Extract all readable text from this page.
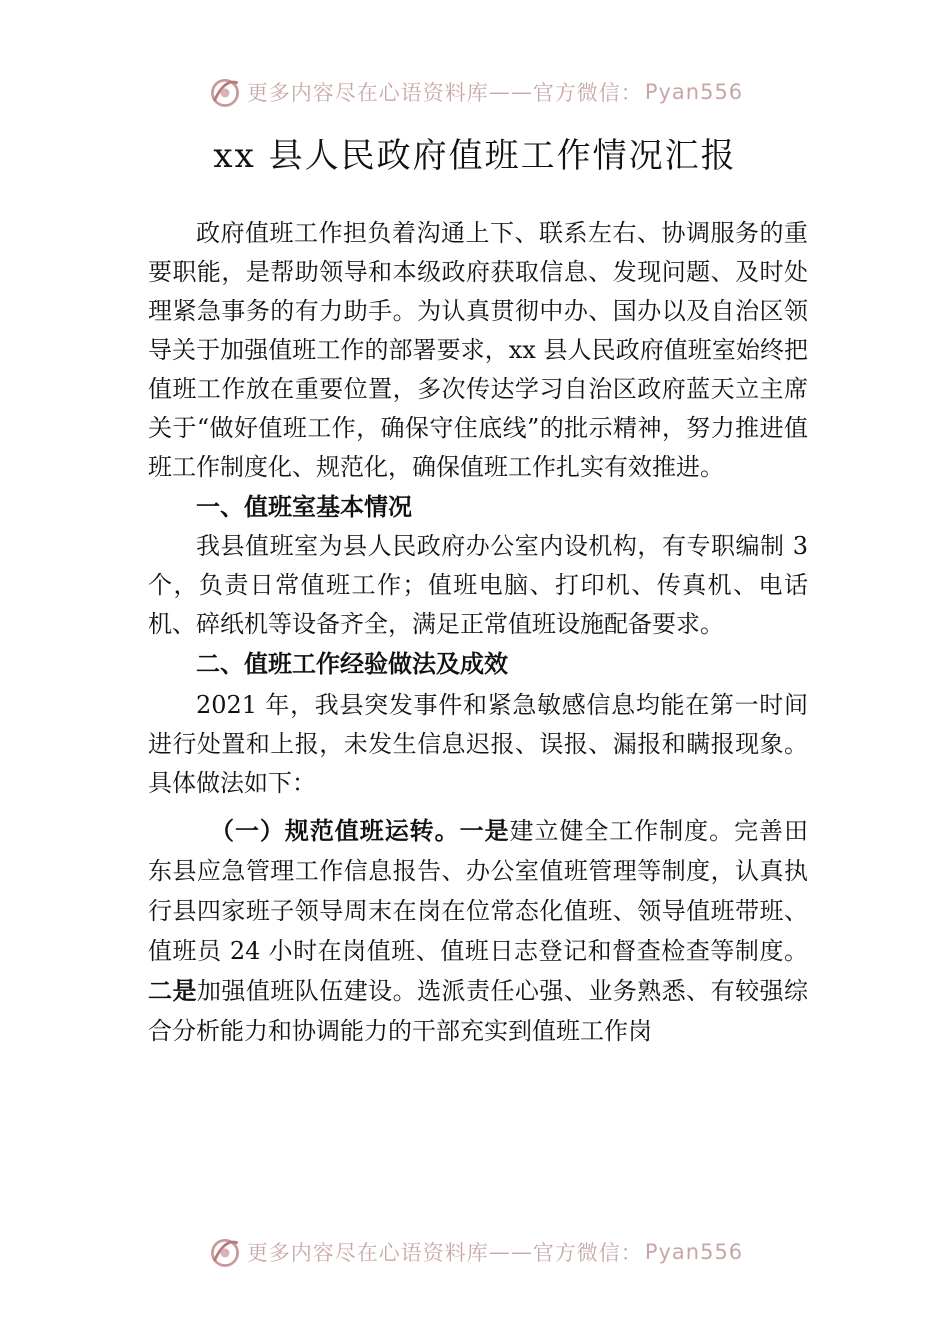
更多内容尽在心语资料库 —— 官方微信： Pyan556
xx 县人民政府值班工作情况汇报

政府值班工作担负着沟通上下、联系左右、协调服务的重要职能，是帮助领导和本级政府获取信息、发现问题、及时处理紧急事务的有力助手。为认真贯彻中办、国办以及自治区领导关于加强值班工作的部署要求，xx 县人民政府值班室始终把值班工作放在重要位置，多次传达学习自治区政府蓝天立主席关于“做好值班工作，确保守住底线”的批示精神，努力推进值班工作制度化、规范化，确保值班工作扎实有效推进。

一、值班室基本情况

我县值班室为县人民政府办公室内设机构，有专职编制 3 个，负责日常值班工作；值班电脑、打印机、传真机、电话机、碎纸机等设备齐全，满足正常值班设施配备要求。

二、值班工作经验做法及成效

2021 年，我县突发事件和紧急敏感信息均能在第一时间进行处置和上报，未发生信息迟报、误报、漏报和瞒报现象。具体做法如下：

（一）规范值班运转。一是建立健全工作制度。完善田东县应急管理工作信息报告、办公室值班管理等制度，认真执行县四家班子领导周末在岗在位常态化值班、领导值班带班、值班员 24 小时在岗值班、值班日志登记和督查检查等制度。二是加强值班队伍建设。选派责任心强、业务熟悉、有较强综合分析能力和协调能力的干部充实到值班工作岗

更多内容尽在心语资料库 —— 官方微信： Pyan556
